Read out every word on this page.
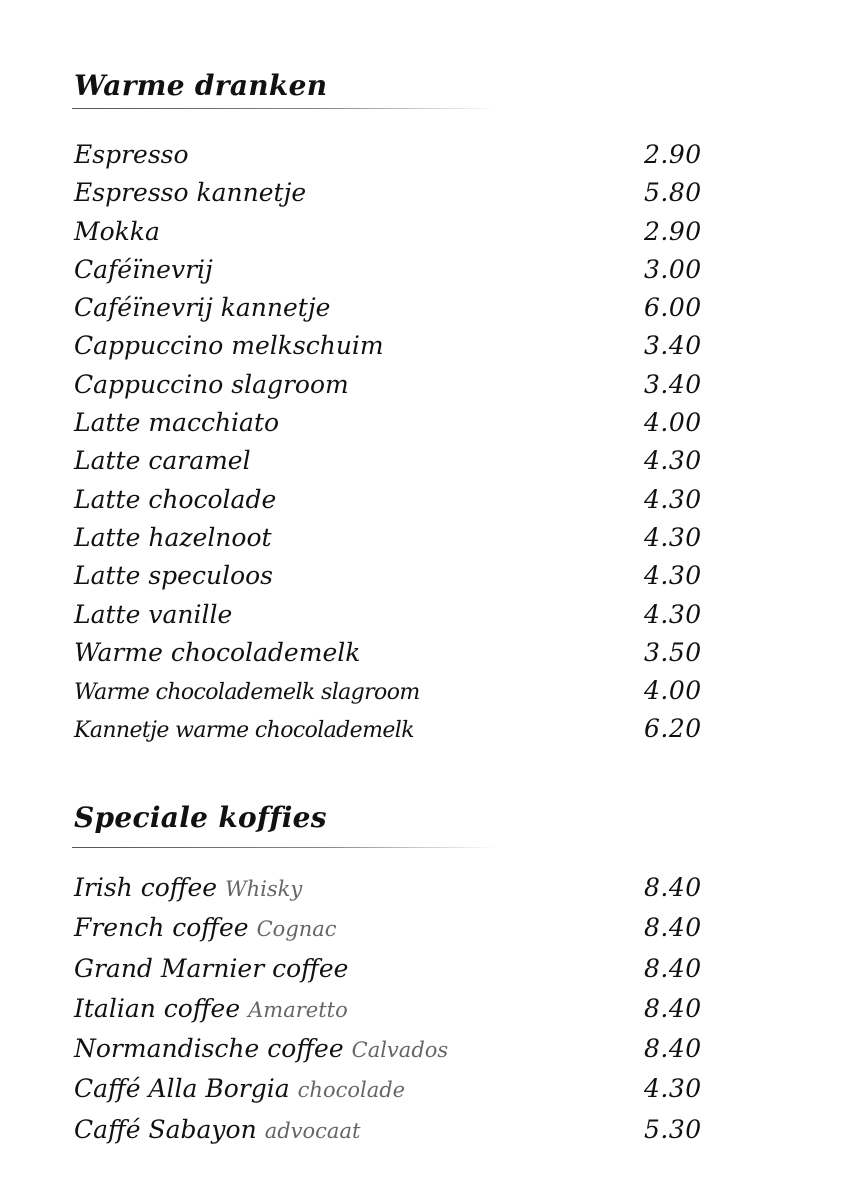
Warme dranken
Espresso	2.90
Espresso kannetje	5.80
Mokka	2.90
Caféïnevrij	3.00
Caféïnevrij kannetje	6.00
Cappuccino melkschuim	3.40
Cappuccino slagroom	3.40
Latte macchiato	4.00
Latte caramel	4.30
Latte chocolade	4.30
Latte hazelnoot	4.30
Latte speculoos	4.30
Latte vanille	4.30
Warme chocolademelk	3.50
Warme chocolademelk slagroom	4.00
Kannetje warme chocolademelk	6.20
Speciale koffies
Irish coffee Whisky	8.40
French coffee Cognac	8.40
Grand Marnier coffee	8.40
Italian coffee Amaretto	8.40
Normandische coffee Calvados	8.40
Caffé Alla Borgia chocolade	4.30
Caffé Sabayon advocaat	5.30
